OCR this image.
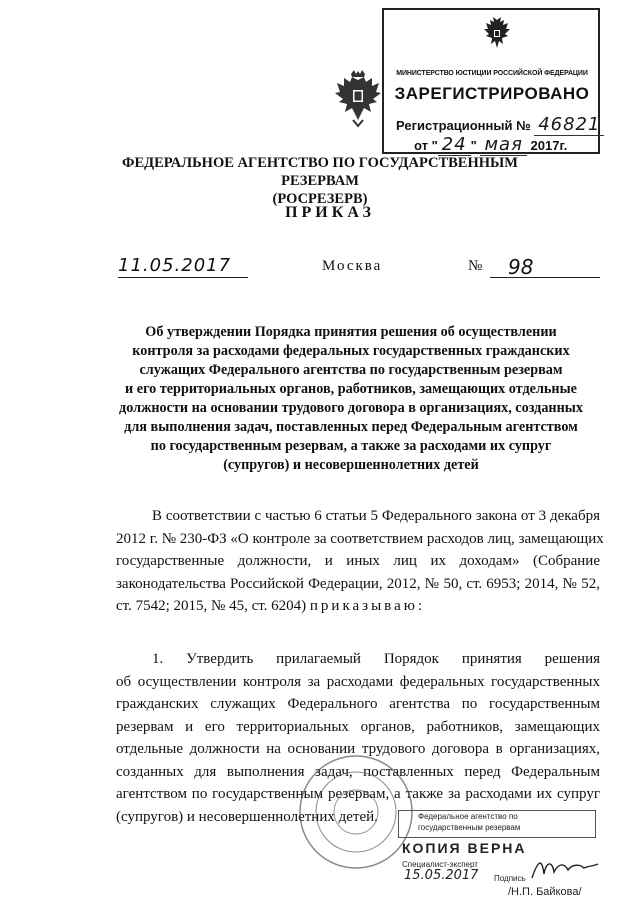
МИНИСТЕРСТВО ЮСТИЦИИ РОССИЙСКОЙ ФЕДЕРАЦИИ
ЗАРЕГИСТРИРОВАНО
Регистрационный № 46821
от " 24 " мая 2017г.
ФЕДЕРАЛЬНОЕ АГЕНТСТВО ПО ГОСУДАРСТВЕННЫМ РЕЗЕРВАМ
(РОСРЕЗЕРВ)
ПРИКАЗ
11.05.2017	Москва	№	98
Об утверждении Порядка принятия решения об осуществлении
контроля за расходами федеральных государственных гражданских
служащих Федерального агентства по государственным резервам
и его территориальных органов, работников, замещающих отдельные
должности на основании трудового договора в организациях, созданных
для выполнения задач, поставленных перед Федеральным агентством
по государственным резервам, а также за расходами их супруг
(супругов) и несовершеннолетних детей
В соответствии с частью 6 статьи 5 Федерального закона от 3 декабря
2012 г. № 230-ФЗ «О контроле за соответствием расходов лиц, замещающих
государственные должности, и иных лиц их доходам» (Собрание
законодательства Российской Федерации, 2012, № 50, ст. 6953; 2014, № 52,
ст. 7542; 2015, № 45, ст. 6204) приказываю:
1. Утвердить прилагаемый Порядок принятия решения
об осуществлении контроля за расходами федеральных государственных
гражданских служащих Федерального агентства по государственным
резервам и его территориальных органов, работников, замещающих
отдельные должности на основании трудового договора в организациях,
созданных для выполнения задач, поставленных перед Федеральным
агентством по государственным резервам, а также за расходами их супруг
(супругов) и несовершеннолетних детей.	Федеральное агентство по
государственным резервам
КОПИЯ ВЕРНА
Специалист-эксперт
15.05.2017 Подпись
/Н.П. Байкова/
